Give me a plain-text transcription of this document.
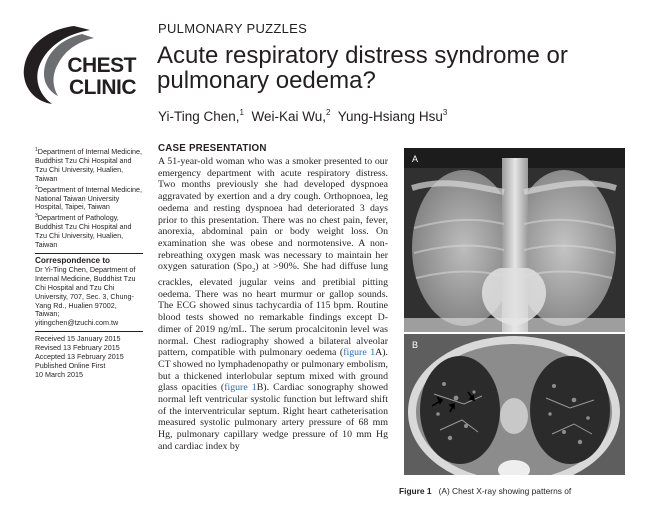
CHEST
CLINIC
PULMONARY PUZZLES
Acute respiratory distress syndrome or pulmonary oedema?
Yi-Ting Chen,$^1$ Wei-Kai Wu,$^2$ Yung-Hsiang Hsu$^3$

$^1$Department of Internal Medicine, Buddhist Tzu Chi Hospital and Tzu Chi University, Hualien, Taiwan

$^2$Department of Internal Medicine, National Taiwan University Hospital, Taipei, Taiwan

$^3$Department of Pathology, Buddhist Tzu Chi Hospital and Tzu Chi University, Hualien, Taiwan

Correspondence to

Dr Yi-Ting Chen, Department of Internal Medicine, Buddhist Tzu Chi Hospital and Tzu Chi University, 707, Sec. 3, Chung-Yang Rd., Hualien 97002, Taiwan;

yitingchen@tzuchi.com.tw

Received 15 January 2015

Revised 13 February 2015

Accepted 13 February 2015

Published Online First

10 March 2015

CASE PRESENTATION

A 51-year-old woman who was a smoker presented to our emergency department with acute respiratory distress. Two months previously she had developed dyspnoea aggravated by exertion and a dry cough. Orthopnoea, leg oedema and resting dyspnoea had deteriorated 3 days prior to this presentation. There was no chest pain, fever, anorexia, abdominal pain or body weight loss. On examination she was obese and normotensive. A non-rebreathing oxygen mask was necessary to maintain her oxygen saturation (Spo$_2$) at >90%. She had diffuse lung crackles, elevated jugular veins and pretibial pitting oedema. There was no heart murmur or gallop sounds. The ECG showed sinus tachycardia of 115 bpm. Routine blood tests showed no remarkable findings except D-dimer of 2019 ng/mL. The serum procalcitonin level was normal. Chest radiography showed a bilateral alveolar pattern, compatible with pulmonary oedema (figure 1A). CT showed no lymphadenopathy or pulmonary embolism, but a thickened interlobular septum mixed with ground glass opacities (figure 1B). Cardiac sonography showed normal left ventricular systolic function but leftward shift of the interventricular septum. Right heart catheterisation measured systolic pulmonary artery pressure of 68 mm Hg, pulmonary capillary wedge pressure of 10 mm Hg and cardiac index by

A
B
Figure 1 (A) Chest X-ray showing patterns of
